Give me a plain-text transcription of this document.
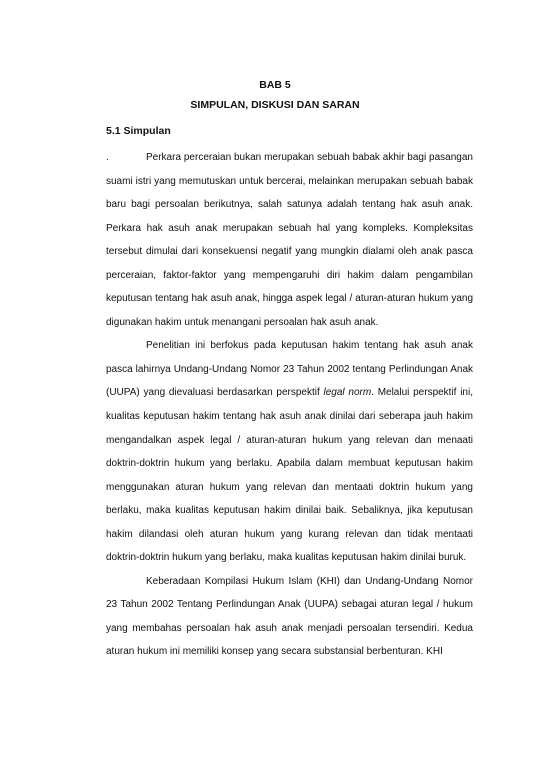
BAB 5
SIMPULAN, DISKUSI DAN SARAN
5.1 Simpulan

.	Perkara perceraian bukan merupakan sebuah babak akhir bagi pasangan suami istri yang memutuskan untuk bercerai, melainkan merupakan sebuah babak baru bagi persoalan berikutnya, salah satunya adalah tentang hak asuh anak. Perkara hak asuh anak merupakan sebuah hal yang kompleks. Kompleksitas tersebut dimulai dari konsekuensi negatif yang mungkin dialami oleh anak pasca perceraian, faktor-faktor yang mempengaruhi diri hakim dalam pengambilan keputusan tentang hak asuh anak, hingga aspek legal / aturan-aturan hukum yang digunakan hakim untuk menangani persoalan hak asuh anak.

Penelitian ini berfokus pada keputusan hakim tentang hak asuh anak pasca lahirnya Undang-Undang Nomor 23 Tahun 2002 tentang Perlindungan Anak (UUPA) yang dievaluasi berdasarkan perspektif legal norm. Melalui perspektif ini, kualitas keputusan hakim tentang hak asuh anak dinilai dari seberapa jauh hakim mengandalkan aspek legal / aturan-aturan hukum yang relevan dan menaati doktrin-doktrin hukum yang berlaku. Apabila dalam membuat keputusan hakim menggunakan aturan hukum yang relevan dan mentaati doktrin hukum yang berlaku, maka kualitas keputusan hakim dinilai baik. Sebaliknya, jika keputusan hakim dilandasi oleh aturan hukum yang kurang relevan dan tidak mentaati doktrin-doktrin hukum yang berlaku, maka kualitas keputusan hakim dinilai buruk.

Keberadaan Kompilasi Hukum Islam (KHI) dan Undang-Undang Nomor 23 Tahun 2002 Tentang Perlindungan Anak (UUPA) sebagai aturan legal / hukum yang membahas persoalan hak asuh anak menjadi persoalan tersendiri. Kedua aturan hukum ini memiliki konsep yang secara substansial berbenturan. KHI
